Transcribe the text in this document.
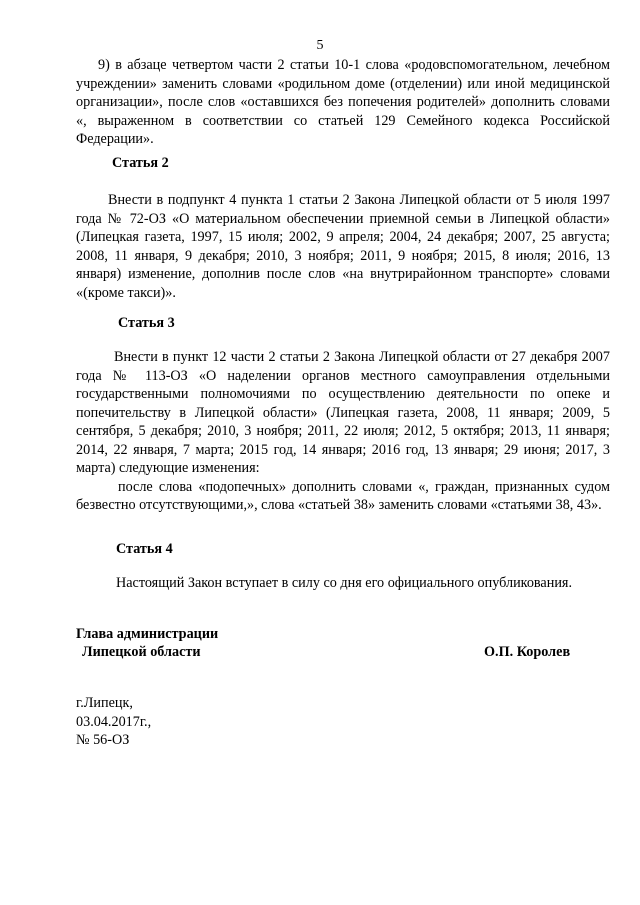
5

9) в абзаце четвертом части 2 статьи 10-1 слова «родовспомогательном, лечебном учреждении» заменить словами «родильном доме (отделении) или иной медицинской организации», после слов «оставшихся без попечения родителей» дополнить словами «, выраженном в соответствии со статьей 129 Семейного кодекса Российской Федерации».

Статья 2

Внести в подпункт 4 пункта 1 статьи 2 Закона Липецкой области от 5 июля 1997 года № 72-ОЗ «О материальном обеспечении приемной семьи в Липецкой области» (Липецкая газета, 1997, 15 июля; 2002, 9 апреля; 2004, 24 декабря; 2007, 25 августа; 2008, 11 января, 9 декабря; 2010, 3 ноября; 2011, 9 ноября; 2015, 8 июля; 2016, 13 января) изменение, дополнив после слов «на внутрирайонном транспорте» словами «(кроме такси)».

Статья 3

Внести в пункт 12 части 2 статьи 2 Закона Липецкой области от 27 декабря 2007 года № 113-ОЗ «О наделении органов местного самоуправления отдельными государственными полномочиями по осуществлению деятельности по опеке и попечительству в Липецкой области» (Липецкая газета, 2008, 11 января; 2009, 5 сентября, 5 декабря; 2010, 3 ноября; 2011, 22 июля; 2012, 5 октября; 2013, 11 января; 2014, 22 января, 7 марта; 2015 год, 14 января; 2016 год, 13 января; 29 июня; 2017, 3 марта) следующие изменения:

после слова «подопечных» дополнить словами «, граждан, признанных судом безвестно отсутствующими,», слова «статьей 38» заменить словами «статьями 38, 43».

Статья 4

Настоящий Закон вступает в силу со дня его официального опубликования.

Глава администрации
Липецкой области	О.П. Королев
г.Липецк,
03.04.2017г.,
№ 56-ОЗ
